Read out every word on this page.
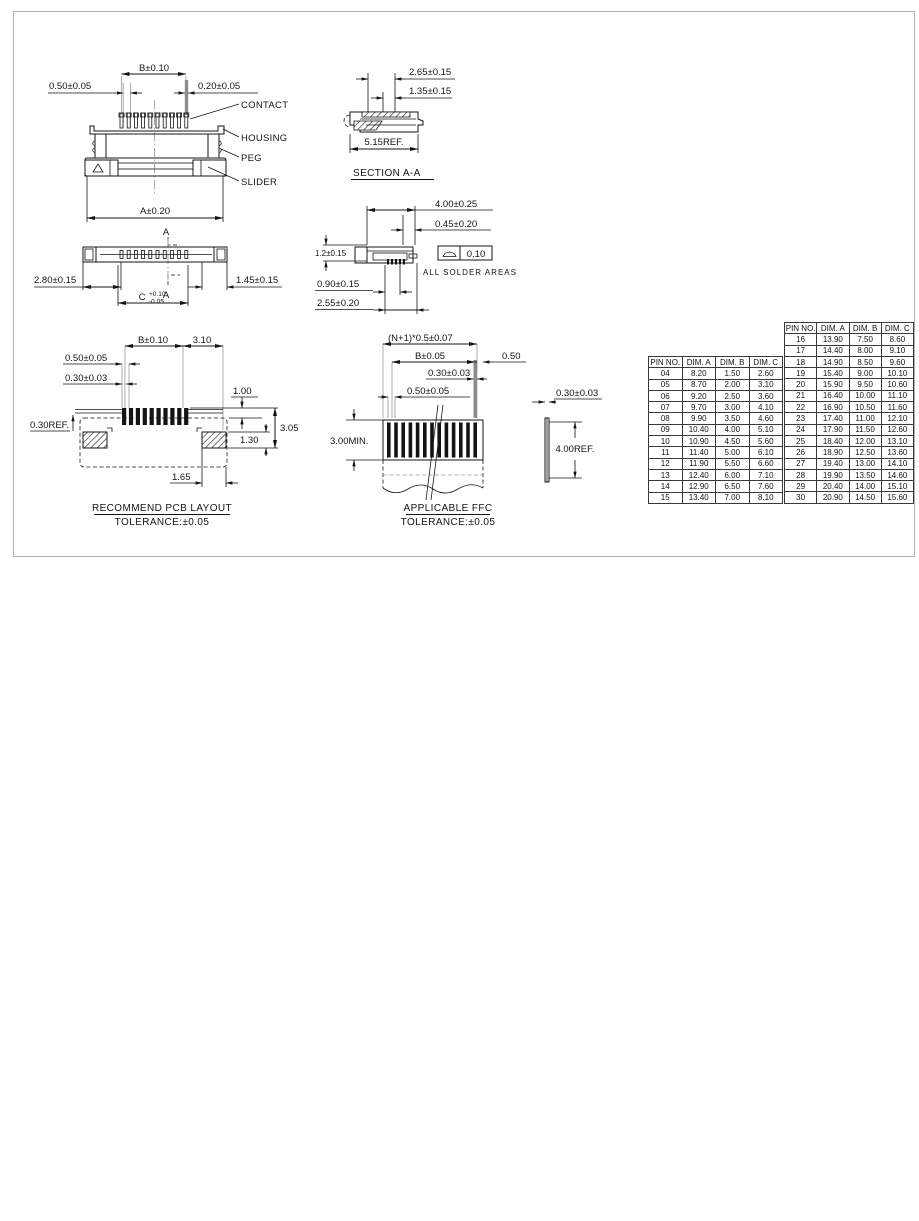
B±0.10
0.50±0.05	0.20±0.05
A±0.20
CONTACT
HOUSING
PEG
SLIDER
A
A
2.80±0.15	1.45±0.15
C +0.10
-0.05
2.65±0.15
1.35±0.15
5.15REF.
SECTION A-A
4.00±0.25
0.45±0.20
1.2±0.15	0.10
ALL SOLDER AREAS
0.90±0.15
2.55±0.20
B±0.10	3.10
0.50±0.05
0.30±0.03
1.00
3.05
1.30
0.30REF.
1.65
RECOMMEND PCB LAYOUT
TOLERANCE:±0.05
(N+1)*0.5±0.07
B±0.05	0.50
0.30±0.03
0.50±0.05
3.00MIN.
0.30±0.03
4.00REF.
APPLICABLE FFC
TOLERANCE:±0.05
PIN NO.	DIM. A	DIM. B	DIM. C
04	8.20	1.50	2.60
05	8.70	2.00	3.10
06	9.20	2.50	3.60
07	9.70	3.00	4.10
08	9.90	3.50	4.60
09	10.40	4.00	5.10
10	10.90	4.50	5.60
11	11.40	5.00	6.10
12	11.90	5.50	6.60
13	12.40	6.00	7.10
14	12.90	6.50	7.60
15	13.40	7.00	8.10
PIN NO.	DIM. A	DIM. B	DIM. C
16	13.90	7.50	8.60
17	14.40	8.00	9.10
18	14.90	8.50	9.60
19	15.40	9.00	10.10
20	15.90	9.50	10.60
21	16.40	10.00	11.10
22	16.90	10.50	11.60
23	17.40	11.00	12.10
24	17.90	11.50	12.60
25	18.40	12.00	13.10
26	18.90	12.50	13.60
27	19.40	13.00	14.10
28	19.90	13.50	14.60
29	20.40	14.00	15.10
30	20.90	14.50	15.60
